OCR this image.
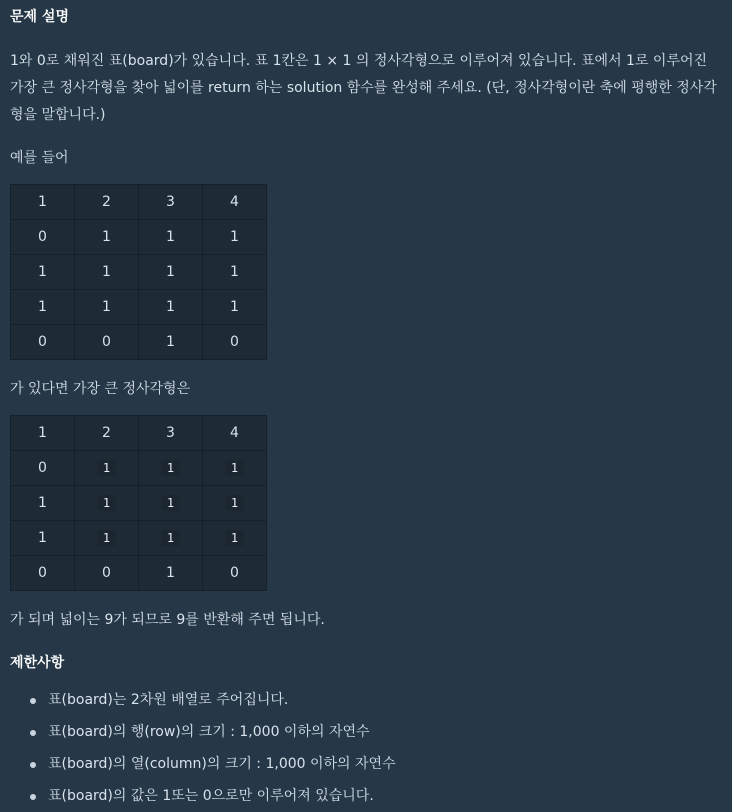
문제 설명

1와 0로 채워진 표(board)가 있습니다. 표 1칸은 1 × 1 의 정사각형으로 이루어져 있습니다. 표에서 1로 이루어진 가장 큰 정사각형을 찾아 넓이를 return 하는 solution 함수를 완성해 주세요. (단, 정사각형이란 축에 평행한 정사각형을 말합니다.)

예를 들어

1	2	3	4
0	1	1	1
1	1	1	1
1	1	1	1
0	0	1	0

가 있다면 가장 큰 정사각형은

1	2	3	4
0	1	1	1
1	1	1	1
1	1	1	1
0	0	1	0

가 되며 넓이는 9가 되므로 9를 반환해 주면 됩니다.

제한사항
표(board)는 2차원 배열로 주어집니다.
표(board)의 행(row)의 크기 : 1,000 이하의 자연수
표(board)의 열(column)의 크기 : 1,000 이하의 자연수
표(board)의 값은 1또는 0으로만 이루어져 있습니다.
